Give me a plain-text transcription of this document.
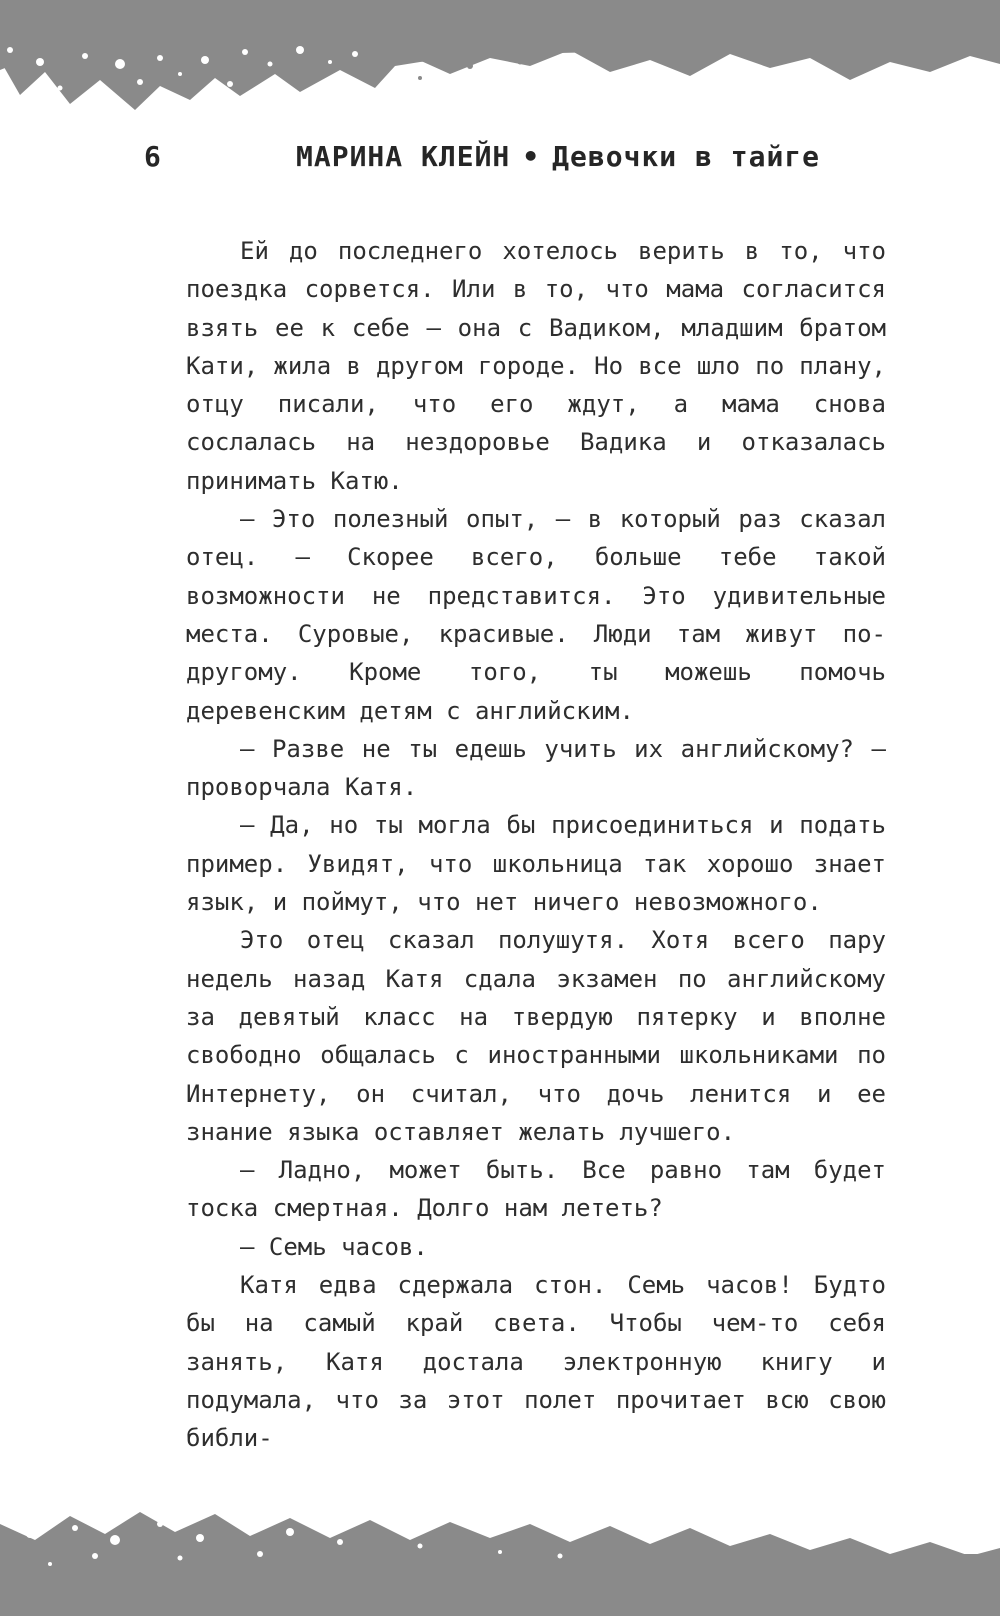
6	МАРИНА КЛЕЙН • Девочки в тайге

Ей до последнего хотелось верить в то, что поездка сорвется. Или в то, что мама согласится взять ее к себе — она с Вадиком, младшим братом Кати, жила в другом городе. Но все шло по плану, отцу писали, что его ждут, а мама снова сослалась на нездоровье Вадика и отказалась принимать Катю.

— Это полезный опыт, — в который раз сказал отец. — Скорее всего, больше тебе такой возможности не представится. Это удивительные места. Суровые, красивые. Люди там живут по-другому. Кроме того, ты можешь помочь деревенским детям с английским.

— Разве не ты едешь учить их английскому? — проворчала Катя.

— Да, но ты могла бы присоединиться и подать пример. Увидят, что школьница так хорошо знает язык, и поймут, что нет ничего невозможного.

Это отец сказал полушутя. Хотя всего пару недель назад Катя сдала экзамен по английскому за девятый класс на твердую пятерку и вполне свободно общалась с иностранными школьниками по Интернету, он считал, что дочь ленится и ее знание языка оставляет желать лучшего.

— Ладно, может быть. Все равно там будет тоска смертная. Долго нам лететь?

— Семь часов.

Катя едва сдержала стон. Семь часов! Будто бы на самый край света. Чтобы чем-то себя занять, Катя достала электронную книгу и подумала, что за этот полет прочитает всю свою библи-
